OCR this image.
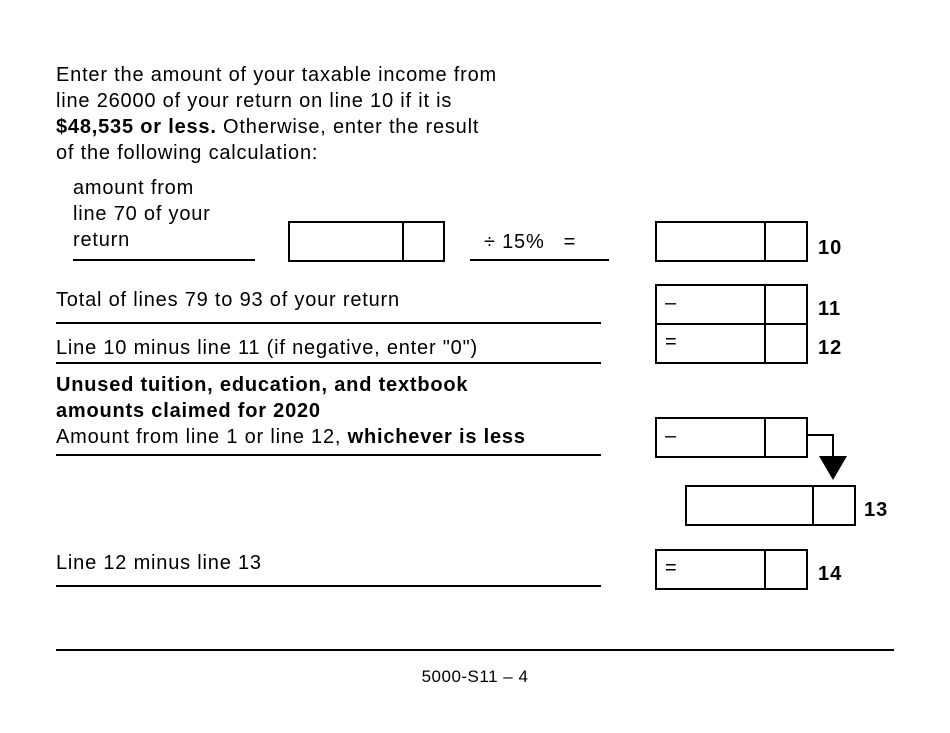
Enter the amount of your taxable income from
line 26000 of your return on line 10 if it is
$48,535 or less. Otherwise, enter the result
of the following calculation:
amount from
line 70 of your
return	÷ 15%   =	10
Total of lines 79 to 93 of your return	–	11
Line 10 minus line 11 (if negative, enter "0")	=	12
Unused tuition, education, and textbook
amounts claimed for 2020
Amount from line 1 or line 12, whichever is less	–
13
Line 12 minus line 13	=	14
5000-S11 – 4
